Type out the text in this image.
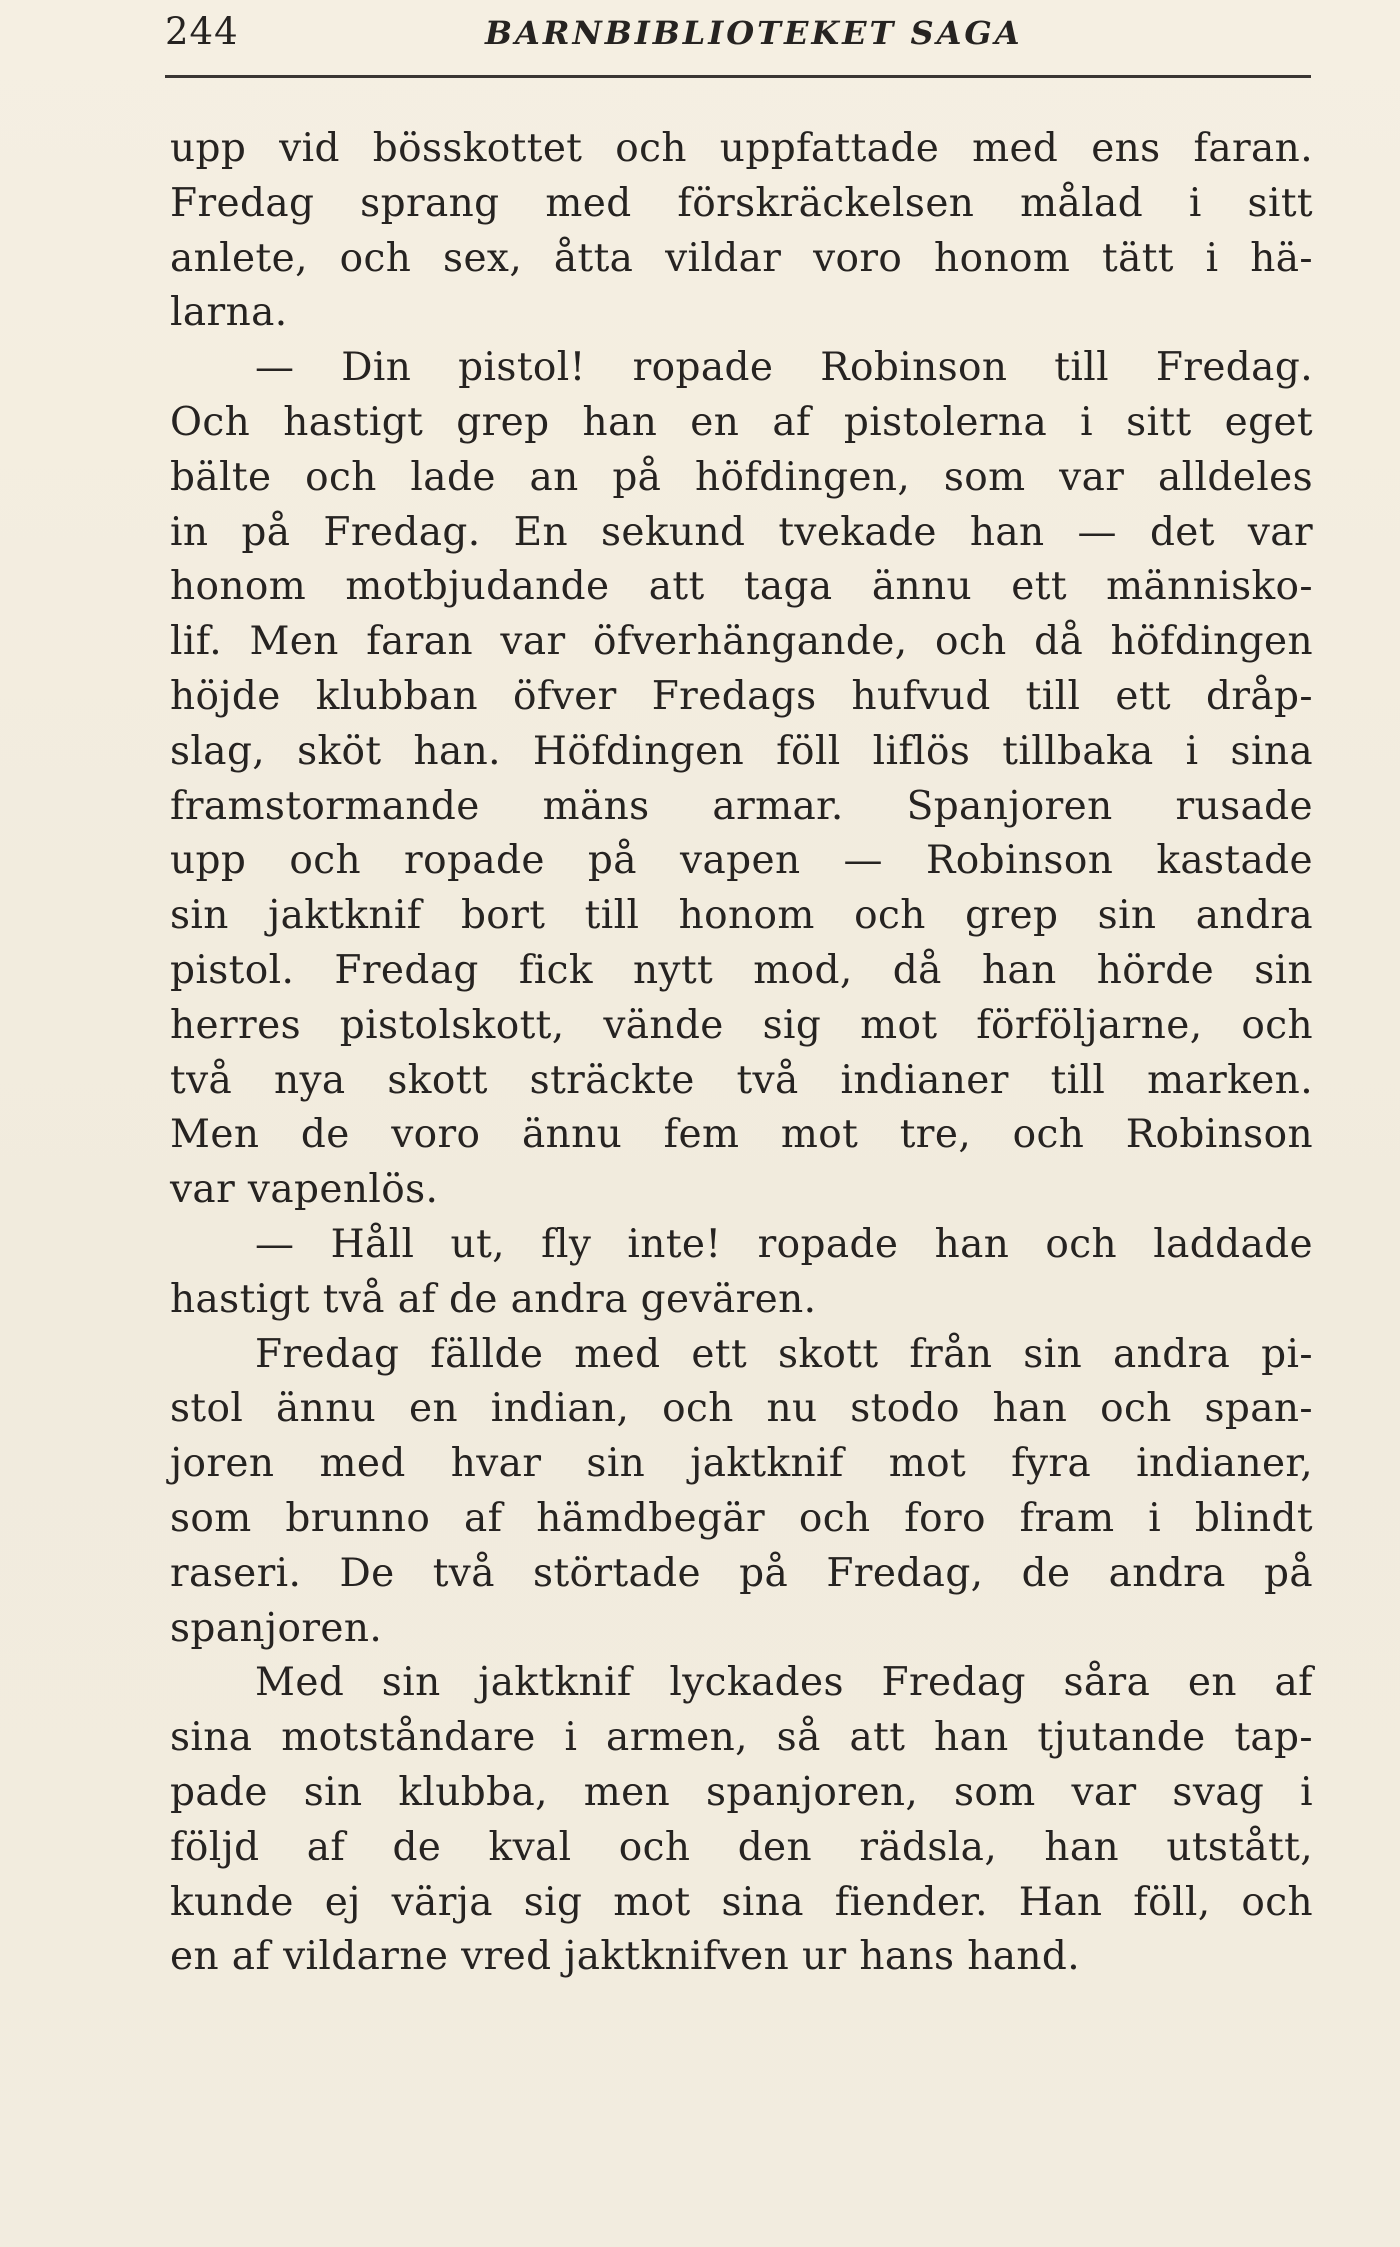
244	BARNBIBLIOTEKET SAGA
upp vid bösskottet och uppfattade med ens faran.
Fredag sprang med förskräckelsen målad i sitt
anlete, och sex, åtta vildar voro honom tätt i hä-
larna.
— Din pistol! ropade Robinson till Fredag.
Och hastigt grep han en af pistolerna i sitt eget
bälte och lade an på höfdingen, som var alldeles
in på Fredag. En sekund tvekade han — det var
honom motbjudande att taga ännu ett människo-
lif. Men faran var öfverhängande, och då höfdingen
höjde klubban öfver Fredags hufvud till ett dråp-
slag, sköt han. Höfdingen föll liflös tillbaka i sina
framstormande mäns armar. Spanjoren rusade
upp och ropade på vapen — Robinson kastade
sin jaktknif bort till honom och grep sin andra
pistol. Fredag fick nytt mod, då han hörde sin
herres pistolskott, vände sig mot förföljarne, och
två nya skott sträckte två indianer till marken.
Men de voro ännu fem mot tre, och Robinson
var vapenlös.
— Håll ut, fly inte! ropade han och laddade
hastigt två af de andra gevären.
Fredag fällde med ett skott från sin andra pi-
stol ännu en indian, och nu stodo han och span-
joren med hvar sin jaktknif mot fyra indianer,
som brunno af hämdbegär och foro fram i blindt
raseri. De två störtade på Fredag, de andra på
spanjoren.
Med sin jaktknif lyckades Fredag såra en af
sina motståndare i armen, så att han tjutande tap-
pade sin klubba, men spanjoren, som var svag i
följd af de kval och den rädsla, han utstått,
kunde ej värja sig mot sina fiender. Han föll, och
en af vildarne vred jaktknifven ur hans hand.
